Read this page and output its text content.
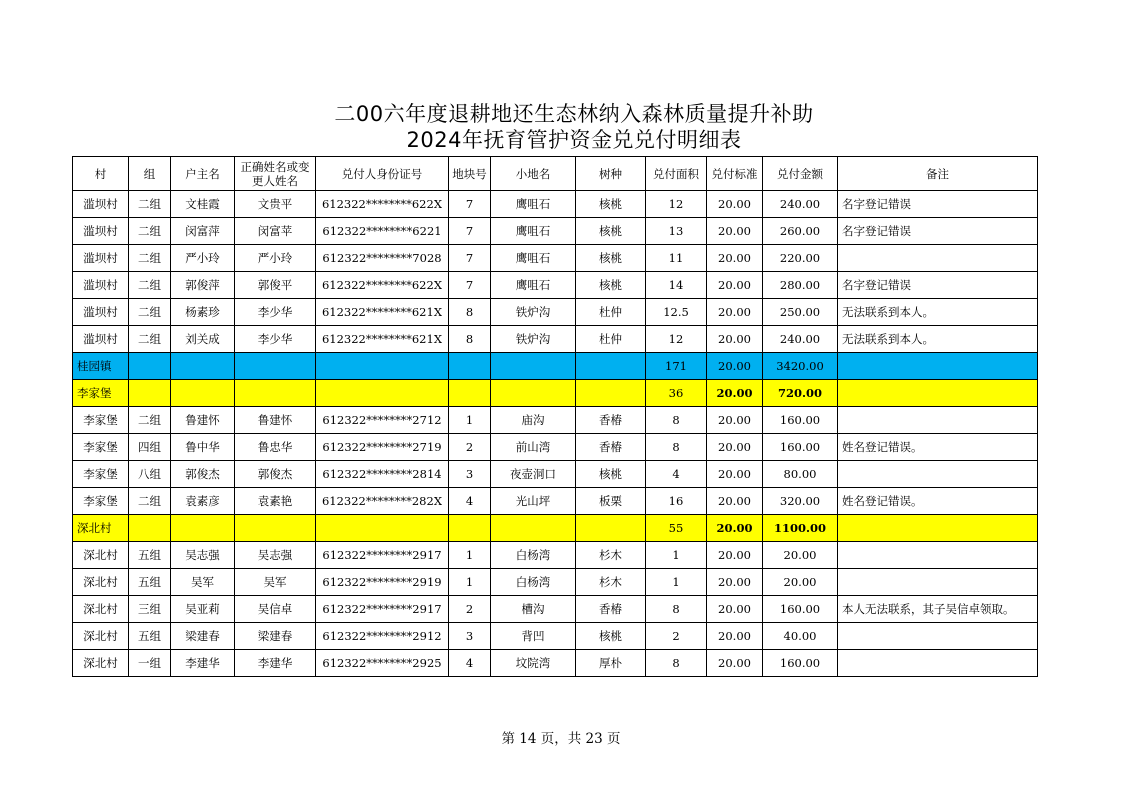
二00六年度退耕地还生态林纳入森林质量提升补助
2024年抚育管护资金兑兑付明细表
村	组	户主名	正确姓名或变更人姓名	兑付人身份证号	地块号	小地名	树种	兑付面积	兑付标准	兑付金额	备注
滥坝村	二组	文桂霞	文贵平	612322********622X	7	鹰咀石	核桃	12	20.00	240.00	名字登记错误
滥坝村	二组	闵富萍	闵富苹	612322********6221	7	鹰咀石	核桃	13	20.00	260.00	名字登记错误
滥坝村	二组	严小玲	严小玲	612322********7028	7	鹰咀石	核桃	11	20.00	220.00	
滥坝村	二组	郭俊萍	郭俊平	612322********622X	7	鹰咀石	核桃	14	20.00	280.00	名字登记错误
滥坝村	二组	杨素珍	李少华	612322********621X	8	铁炉沟	杜仲	12.5	20.00	250.00	无法联系到本人。
滥坝村	二组	刘关成	李少华	612322********621X	8	铁炉沟	杜仲	12	20.00	240.00	无法联系到本人。
桂园镇								171	20.00	3420.00	
李家堡								36	20.00	720.00	
李家堡	二组	鲁建怀	鲁建怀	612322********2712	1	庙沟	香椿	8	20.00	160.00	
李家堡	四组	鲁中华	鲁忠华	612322********2719	2	前山湾	香椿	8	20.00	160.00	姓名登记错误。
李家堡	八组	郭俊杰	郭俊杰	612322********2814	3	夜壶洞口	核桃	4	20.00	80.00	
李家堡	二组	袁素彦	袁素艳	612322********282X	4	光山坪	板栗	16	20.00	320.00	姓名登记错误。
深北村								55	20.00	1100.00	
深北村	五组	吴志强	吴志强	612322********2917	1	白杨湾	杉木	1	20.00	20.00	
深北村	五组	吴军	吴军	612322********2919	1	白杨湾	杉木	1	20.00	20.00	
深北村	三组	吴亚莉	吴信卓	612322********2917	2	槽沟	香椿	8	20.00	160.00	本人无法联系，其子吴信卓领取。
深北村	五组	梁建春	梁建春	612322********2912	3	背凹	核桃	2	20.00	40.00	
深北村	一组	李建华	李建华	612322********2925	4	坟院湾	厚朴	8	20.00	160.00	
第 14 页，共 23 页
